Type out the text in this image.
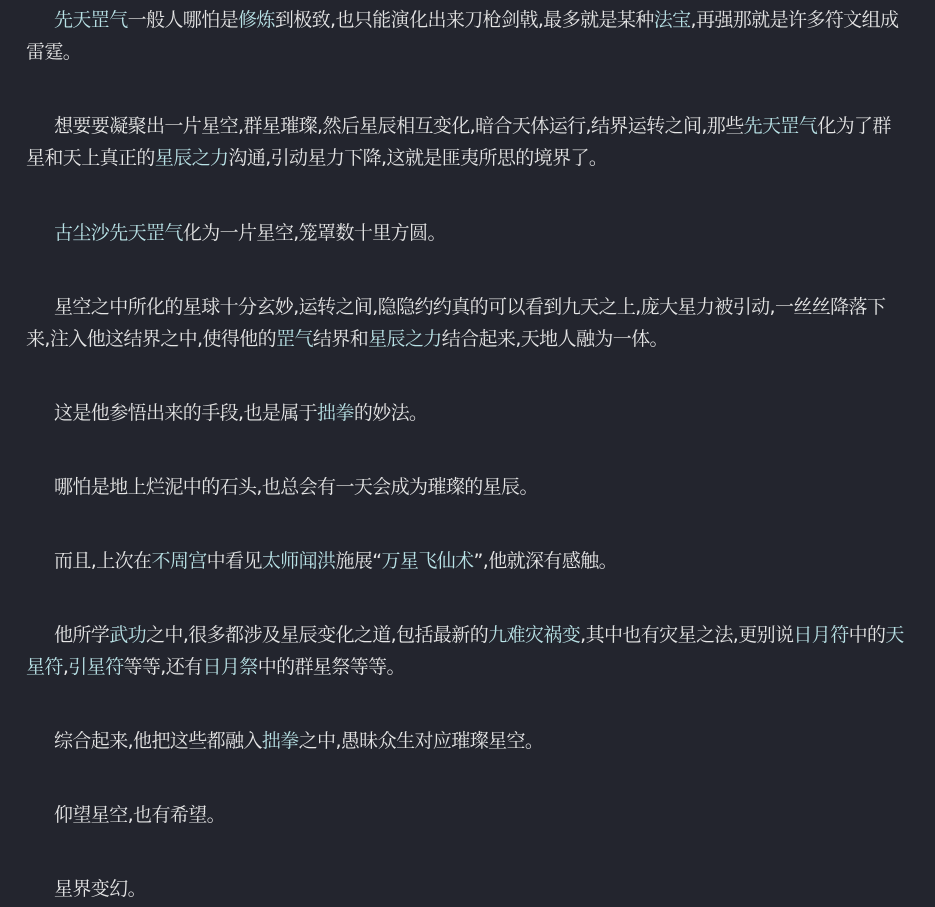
先天罡气一般人哪怕是修炼到极致,也只能演化出来刀枪剑戟,最多就是某种法宝,再强那就是许多符文组成雷霆。

想要要凝聚出一片星空,群星璀璨,然后星辰相互变化,暗合天体运行,结界运转之间,那些先天罡气化为了群星和天上真正的星辰之力沟通,引动星力下降,这就是匪夷所思的境界了。

古尘沙先天罡气化为一片星空,笼罩数十里方圆。

星空之中所化的星球十分玄妙,运转之间,隐隐约约真的可以看到九天之上,庞大星力被引动,一丝丝降落下来,注入他这结界之中,使得他的罡气结界和星辰之力结合起来,天地人融为一体。

这是他参悟出来的手段,也是属于拙拳的妙法。

哪怕是地上烂泥中的石头,也总会有一天会成为璀璨的星辰。

而且,上次在不周宫中看见太师闻洪施展“万星飞仙术”,他就深有感触。

他所学武功之中,很多都涉及星辰变化之道,包括最新的九难灾祸变,其中也有灾星之法,更别说日月符中的天星符,引星符等等,还有日月祭中的群星祭等等。

综合起来,他把这些都融入拙拳之中,愚昧众生对应璀璨星空。

仰望星空,也有希望。

星界变幻。
